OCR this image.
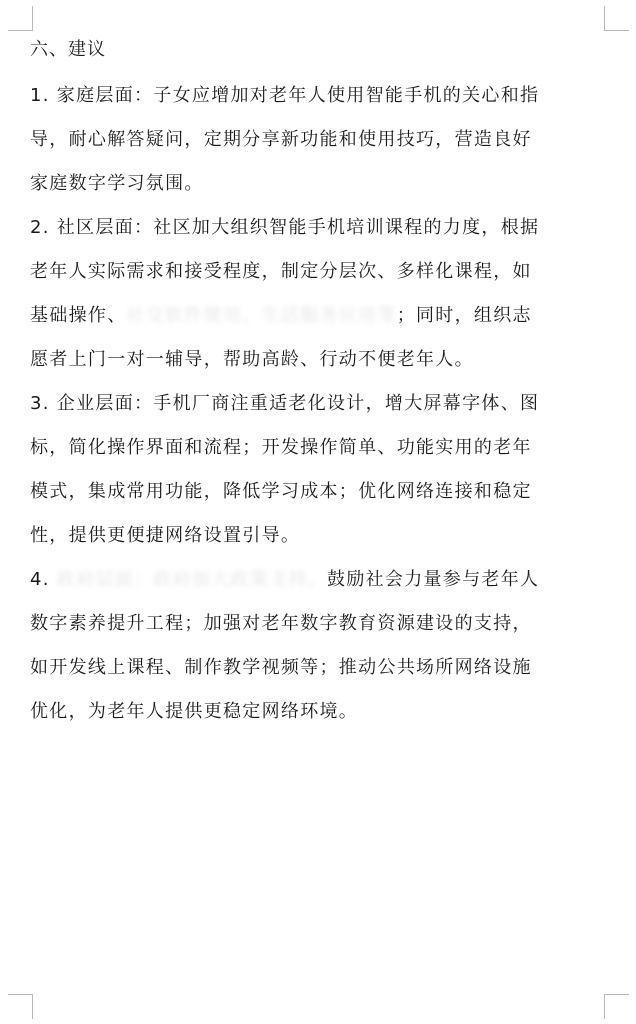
六、建议

1. 家庭层面：子女应增加对老年人使用智能手机的关心和指
导，耐心解答疑问，定期分享新功能和使用技巧，营造良好
家庭数字学习氛围。

2. 社区层面：社区加大组织智能手机培训课程的力度，根据
老年人实际需求和接受程度，制定分层次、多样化课程，如
基础操作、社交软件使用、生活服务应用等；同时，组织志
愿者上门一对一辅导，帮助高龄、行动不便老年人。

3. 企业层面：手机厂商注重适老化设计，增大屏幕字体、图
标，简化操作界面和流程；开发操作简单、功能实用的老年
模式，集成常用功能，降低学习成本；优化网络连接和稳定
性，提供更便捷网络设置引导。

4. 政府层面：政府加大政策支持，鼓励社会力量参与老年人
数字素养提升工程；加强对老年数字教育资源建设的支持，
如开发线上课程、制作教学视频等；推动公共场所网络设施
优化，为老年人提供更稳定网络环境。
